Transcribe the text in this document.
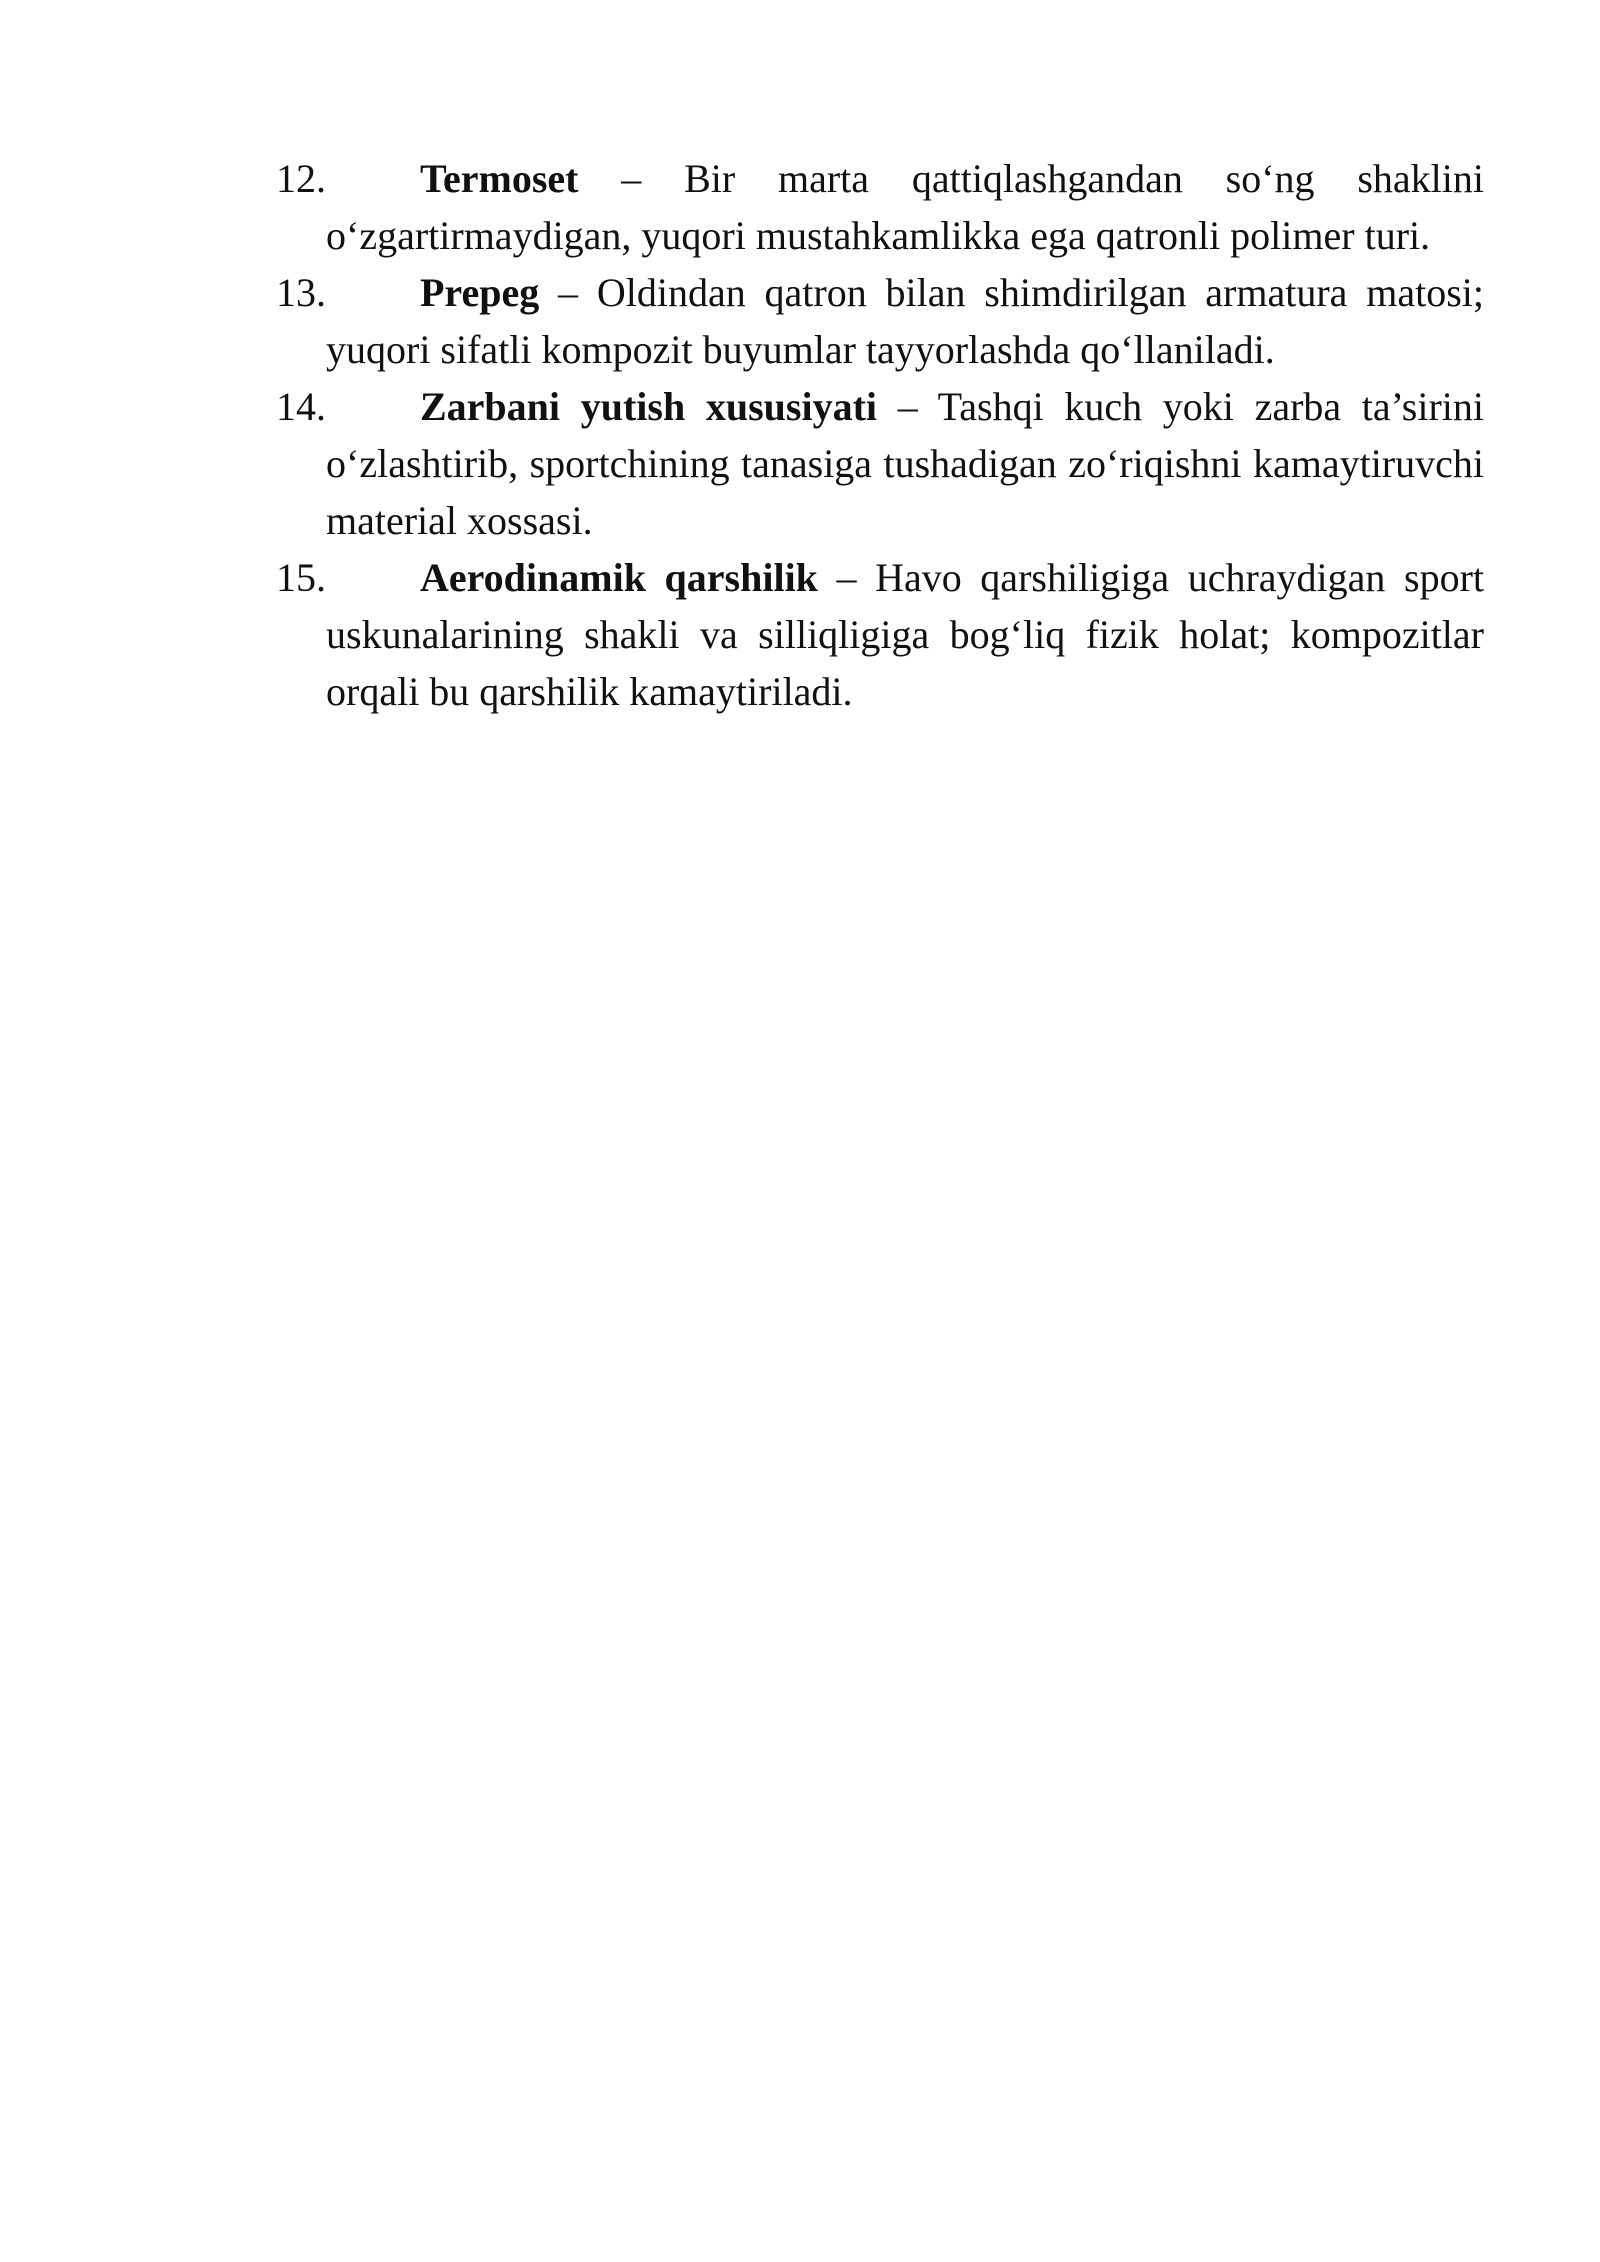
12. Termoset – Bir marta qattiqlashgandan so‘ng shaklini o‘zgartirmaydigan, yuqori mustahkamlikka ega qatronli polimer turi.
13. Prepeg – Oldindan qatron bilan shimdirilgan armatura matosi; yuqori sifatli kompozit buyumlar tayyorlashda qo‘llaniladi.
14. Zarbani yutish xususiyati – Tashqi kuch yoki zarba ta’sirini o‘zlashtirib, sportchining tanasiga tushadigan zo‘riqishni kamaytiruvchi material xossasi.
15. Aerodinamik qarshilik – Havo qarshiligiga uchraydigan sport uskunalarining shakli va silliqligiga bog‘liq fizik holat; kompozitlar orqali bu qarshilik kamaytiriladi.
